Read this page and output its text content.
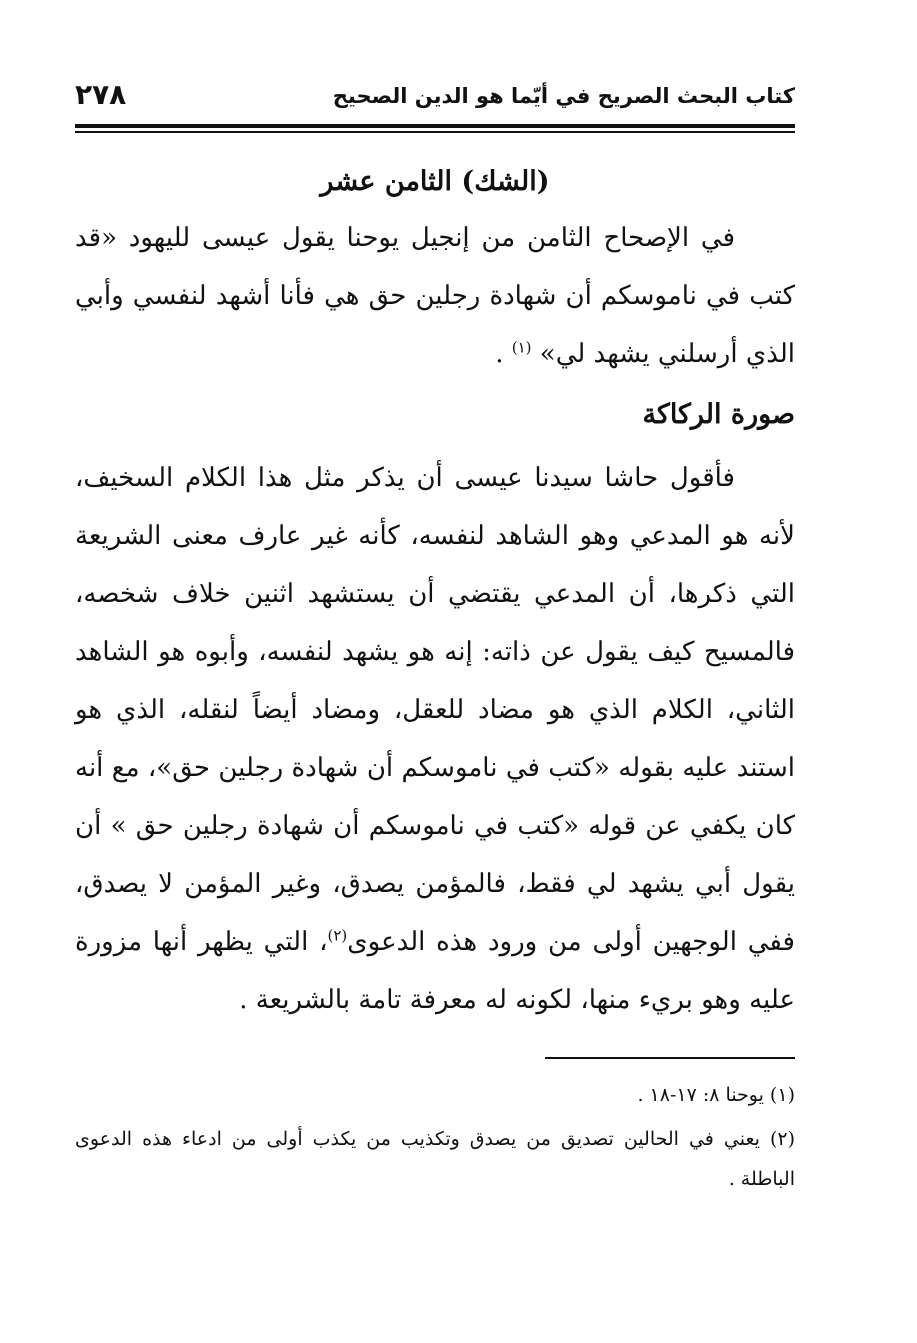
كتاب البحث الصريح في أيّما هو الدين الصحيح
٢٧٨
(الشك) الثامن عشر

في الإصحاح الثامن من إنجيل يوحنا يقول عيسى لليهود «قد كتب في ناموسكم أن شهادة رجلين حق هي فأنا أشهد لنفسي وأبي الذي أرسلني يشهد لي» $^{(١)}$ .

صورة الركاكة

فأقول حاشا سيدنا عيسى أن يذكر مثل هذا الكلام السخيف، لأنه هو المدعي وهو الشاهد لنفسه، كأنه غير عارف معنى الشريعة التي ذكرها، أن المدعي يقتضي أن يستشهد اثنين خلاف شخصه، فالمسيح كيف يقول عن ذاته: إنه هو يشهد لنفسه، وأبوه هو الشاهد الثاني، الكلام الذي هو مضاد للعقل، ومضاد أيضاً لنقله، الذي هو استند عليه بقوله «كتب في ناموسكم أن شهادة رجلين حق»، مع أنه كان يكفي عن قوله «كتب في ناموسكم أن شهادة رجلين حق » أن يقول أبي يشهد لي فقط، فالمؤمن يصدق، وغير المؤمن لا يصدق، ففي الوجهين أولى من ورود هذه الدعوى$^{(٢)}$، التي يظهر أنها مزورة عليه وهو بريء منها، لكونه له معرفة تامة بالشريعة .

(١) يوحنا ٨: ١٧-١٨ .

(٢) يعني في الحالين تصديق من يصدق وتكذيب من يكذب أولى من ادعاء هذه الدعوى الباطلة .
